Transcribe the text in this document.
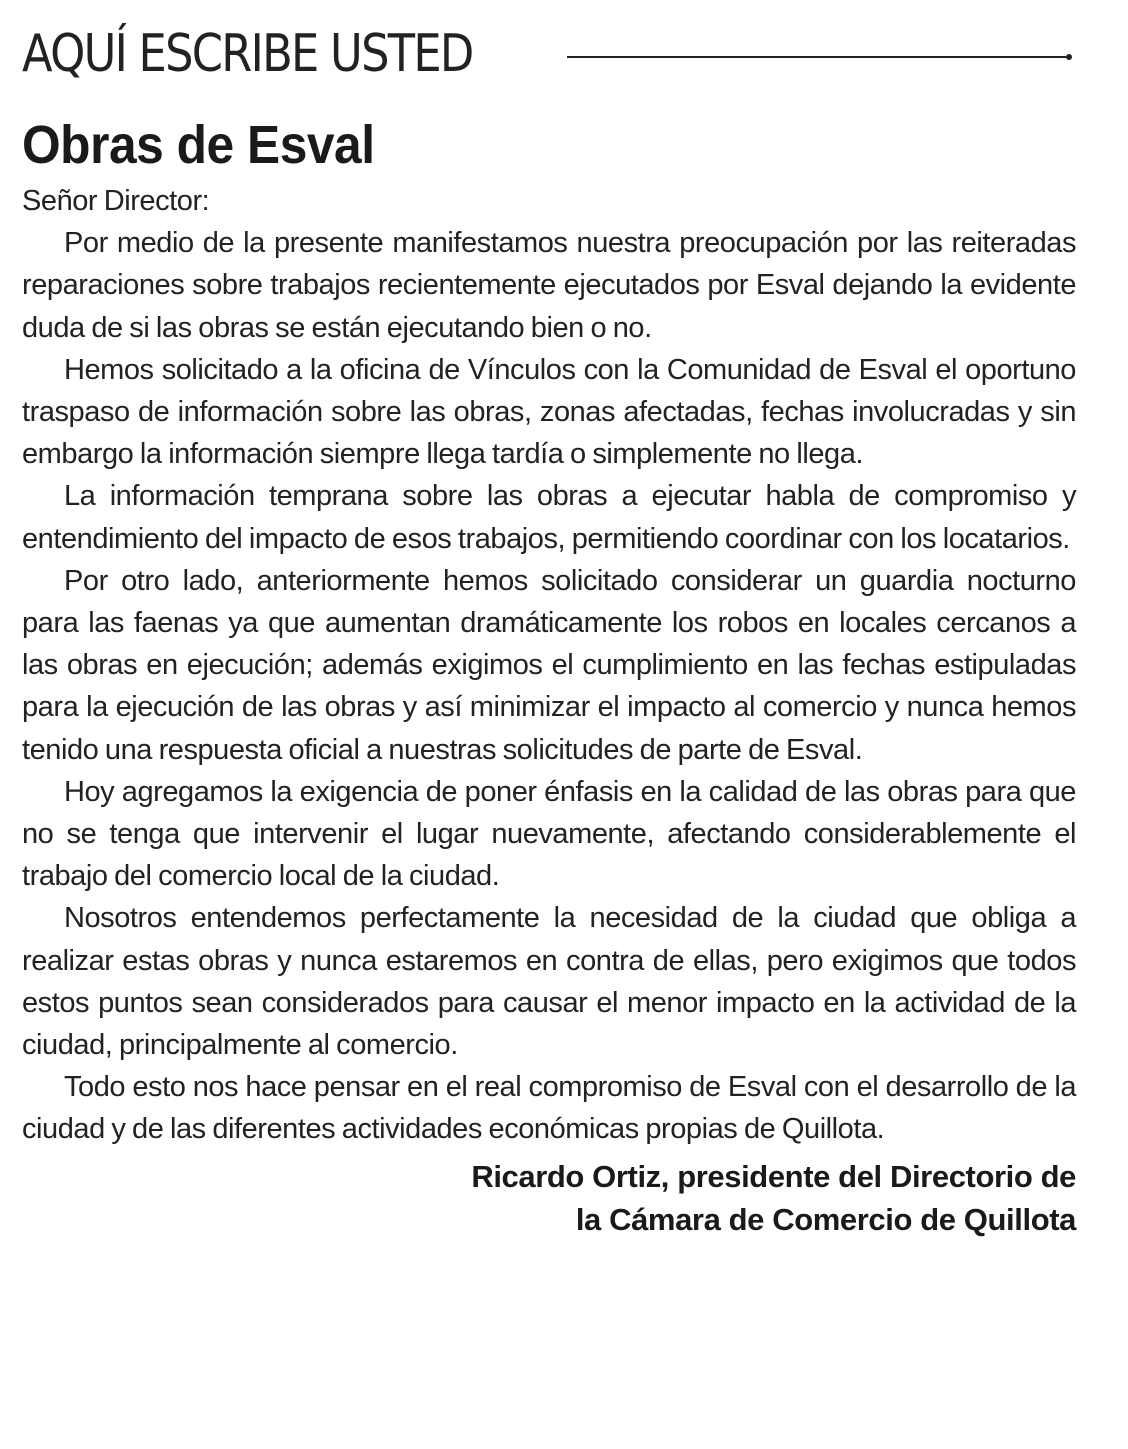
AQUÍ ESCRIBE USTED
Obras de Esval

Señor Director:

Por medio de la presente manifestamos nuestra preocupación por las reiteradas reparaciones sobre trabajos recientemente ejecutados por Esval dejando la evidente duda de si las obras se están ejecutando bien o no.

Hemos solicitado a la oficina de Vínculos con la Comunidad de Esval el oportuno traspaso de información sobre las obras, zonas afectadas, fechas involucradas y sin embargo la información siempre llega tardía o simplemente no llega.

La información temprana sobre las obras a ejecutar habla de compromiso y entendimiento del impacto de esos trabajos, permitiendo coordinar con los locatarios.

Por otro lado, anteriormente hemos solicitado considerar un guardia nocturno para las faenas ya que aumentan dramáticamente los robos en locales cercanos a las obras en ejecución; además exigimos el cumplimiento en las fechas estipuladas para la ejecución de las obras y así minimizar el impacto al comercio y nunca hemos tenido una respuesta oficial a nuestras solicitudes de parte de Esval.

Hoy agregamos la exigencia de poner énfasis en la calidad de las obras para que no se tenga que intervenir el lugar nuevamente, afectando considerablemente el trabajo del comercio local de la ciudad.

Nosotros entendemos perfectamente la necesidad de la ciudad que obliga a realizar estas obras y nunca estaremos en contra de ellas, pero exigimos que todos estos puntos sean considerados para causar el menor impacto en la actividad de la ciudad, principalmente al comercio.

Todo esto nos hace pensar en el real compromiso de Esval con el desarrollo de la ciudad y de las diferentes actividades económicas propias de Quillota.

Ricardo Ortiz, presidente del Directorio de
la Cámara de Comercio de Quillota
